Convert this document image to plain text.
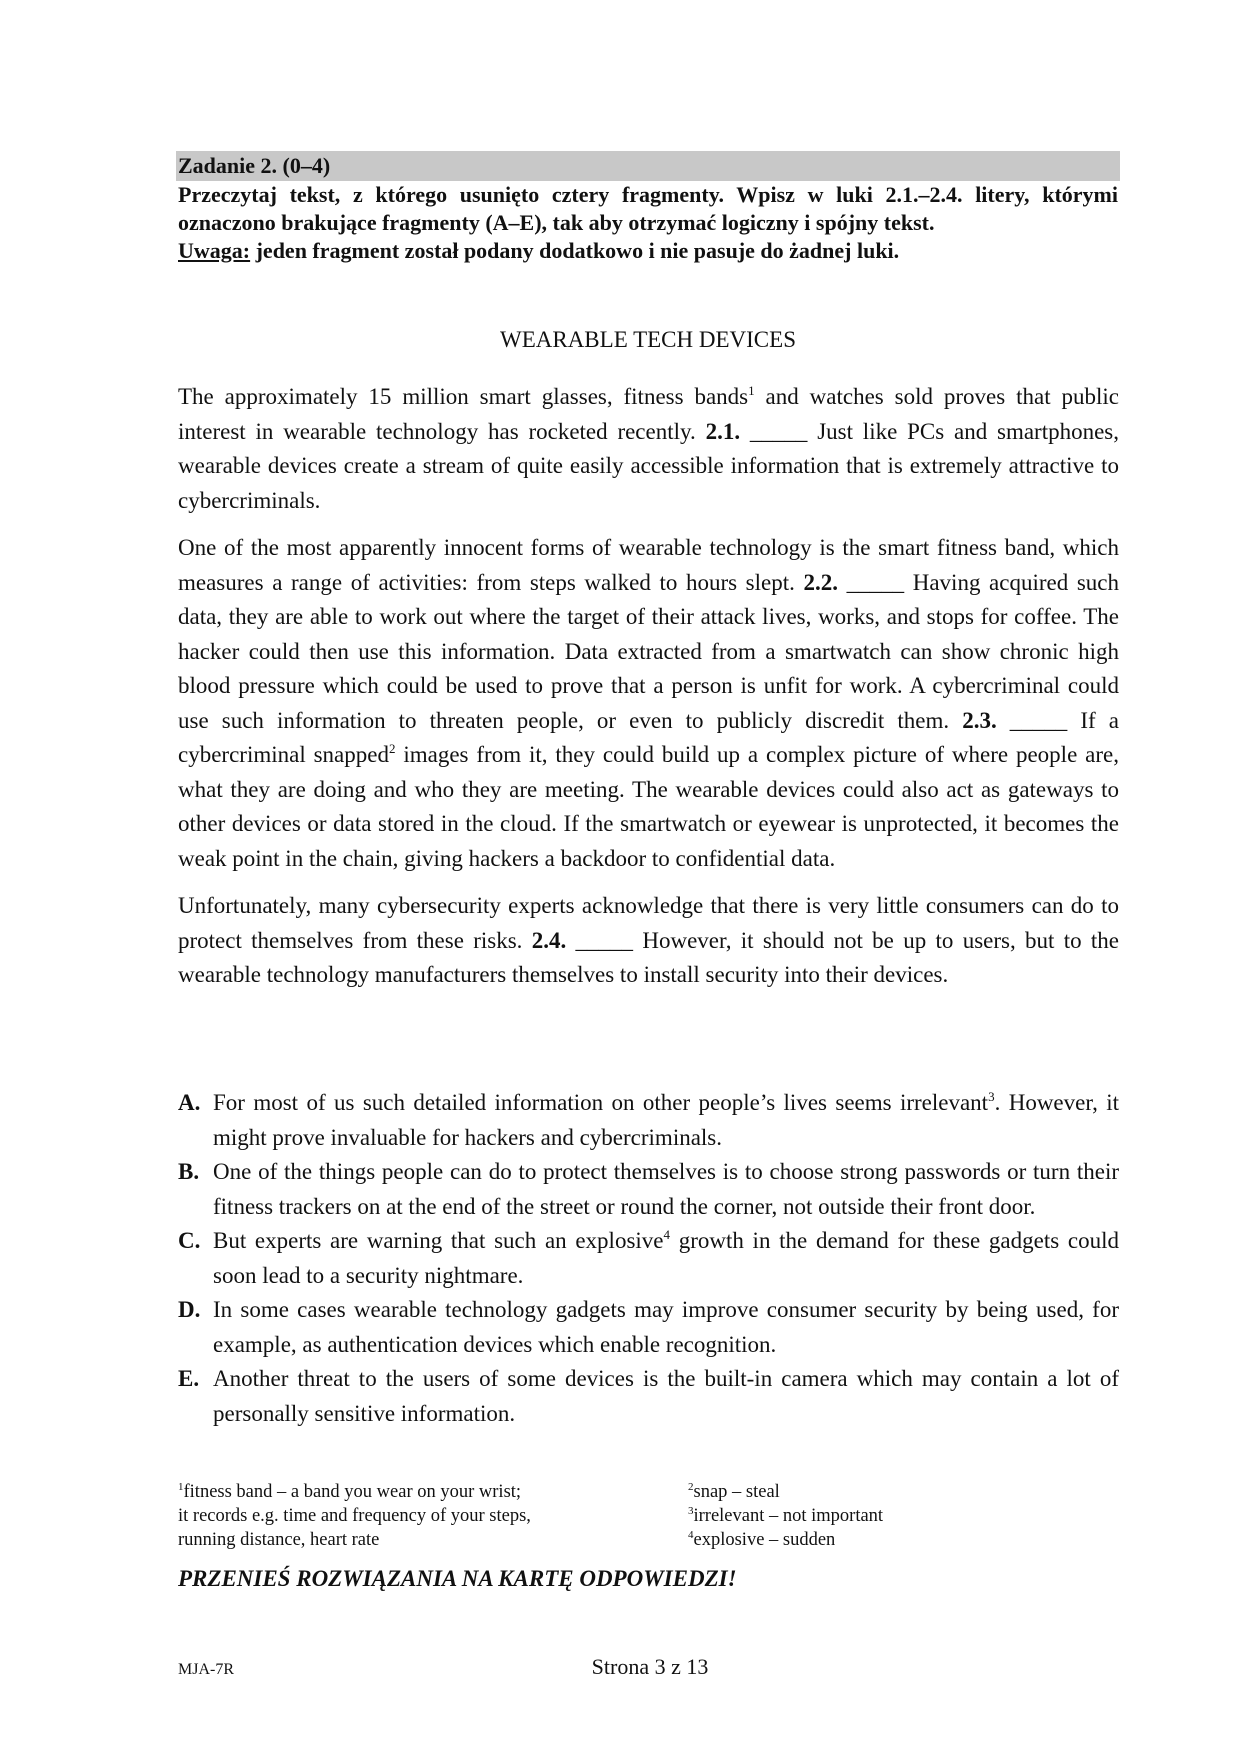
Zadanie 2. (0–4)

Przeczytaj tekst, z którego usunięto cztery fragmenty. Wpisz w luki 2.1.–2.4. litery, którymi oznaczono brakujące fragmenty (A–E), tak aby otrzymać logiczny i spójny tekst.

Uwaga: jeden fragment został podany dodatkowo i nie pasuje do żadnej luki.

WEARABLE TECH DEVICES

The approximately 15 million smart glasses, fitness bands$^1$ and watches sold proves that public interest in wearable technology has rocketed recently. 2.1. _____ Just like PCs and smartphones, wearable devices create a stream of quite easily accessible information that is extremely attractive to cybercriminals.

One of the most apparently innocent forms of wearable technology is the smart fitness band, which measures a range of activities: from steps walked to hours slept. 2.2. _____ Having acquired such data, they are able to work out where the target of their attack lives, works, and stops for coffee. The hacker could then use this information. Data extracted from a smartwatch can show chronic high blood pressure which could be used to prove that a person is unfit for work. A cybercriminal could use such information to threaten people, or even to publicly discredit them. 2.3. _____ If a cybercriminal snapped$^2$ images from it, they could build up a complex picture of where people are, what they are doing and who they are meeting. The wearable devices could also act as gateways to other devices or data stored in the cloud. If the smartwatch or eyewear is unprotected, it becomes the weak point in the chain, giving hackers a backdoor to confidential data.

Unfortunately, many cybersecurity experts acknowledge that there is very little consumers can do to protect themselves from these risks. 2.4. _____ However, it should not be up to users, but to the wearable technology manufacturers themselves to install security into their devices.

A. For most of us such detailed information on other people’s lives seems irrelevant$^3$. However, it might prove invaluable for hackers and cybercriminals.
B. One of the things people can do to protect themselves is to choose strong passwords or turn their fitness trackers on at the end of the street or round the corner, not outside their front door.
C. But experts are warning that such an explosive$^4$ growth in the demand for these gadgets could soon lead to a security nightmare.
D. In some cases wearable technology gadgets may improve consumer security by being used, for example, as authentication devices which enable recognition.
E. Another threat to the users of some devices is the built-in camera which may contain a lot of personally sensitive information.
$^1$fitness band – a band you wear on your wrist;
it records e.g. time and frequency of your steps,
running distance, heart rate
$^2$snap – steal
$^3$irrelevant – not important
$^4$explosive – sudden
PRZENIEŚ ROZWIĄZANIA NA KARTĘ ODPOWIEDZI!
MJA-7R	Strona 3 z 13
